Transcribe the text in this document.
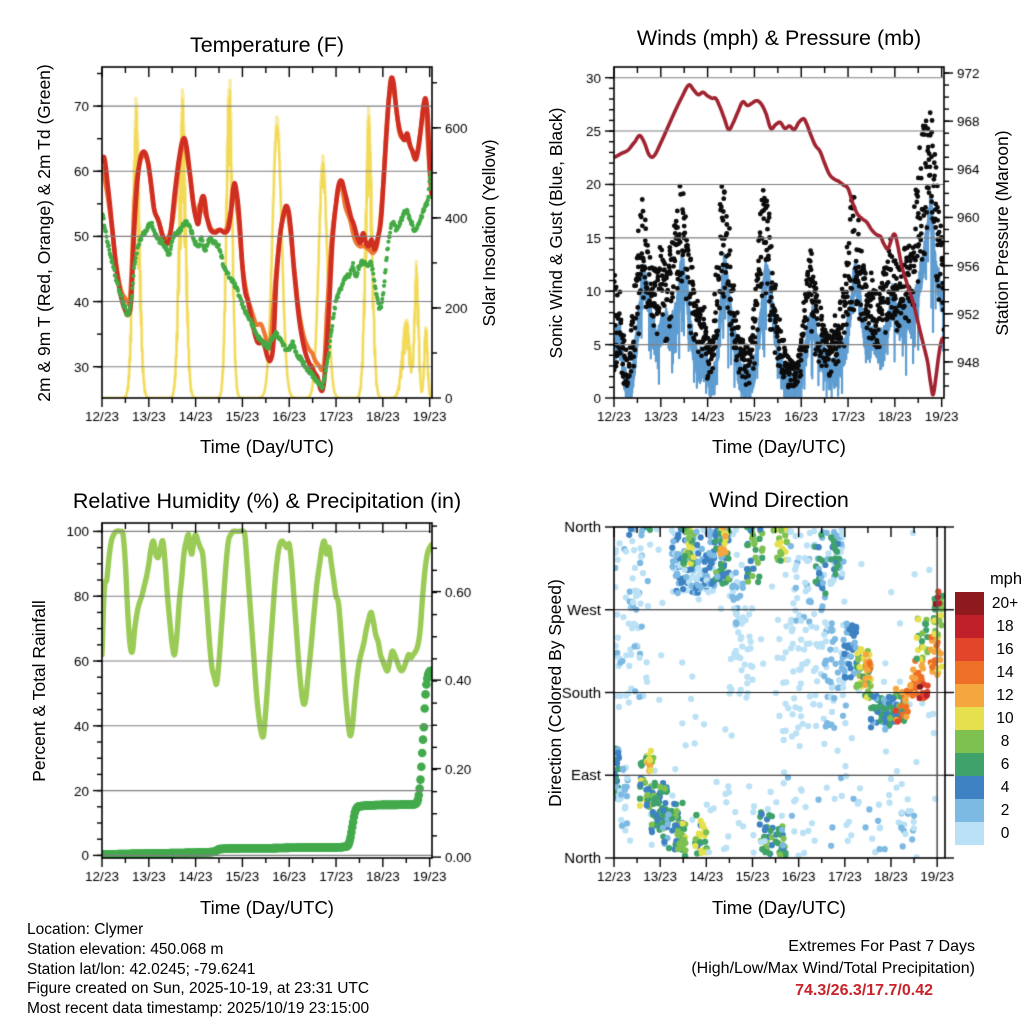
Temperature (F)	Winds (mph) & Pressure (mb)
Relative Humidity (%) & Precipitation (in)	Wind Direction
2m & 9m T (Red, Orange) & 2m Td (Green)	Solar Insolation (Yellow)	Sonic Wind & Gust (Blue, Black)	Station Pressure (Maroon)
Percent & Total Rainfall	Direction (Colored By Speed)
Time (Day/UTC)	Time (Day/UTC)
Time (Day/UTC)	Time (Day/UTC)
mph
20+
18
16
14
12
10
8
6
4
2
0
Location: Clymer
Station elevation: 450.068 m
Station lat/lon: 42.0245; -79.6241
Figure created on Sun, 2025-10-19, at 23:31 UTC
Most recent data timestamp: 2025/10/19 23:15:00
Extremes For Past 7 Days
(High/Low/Max Wind/Total Precipitation)
74.3/26.3/17.7/0.42
